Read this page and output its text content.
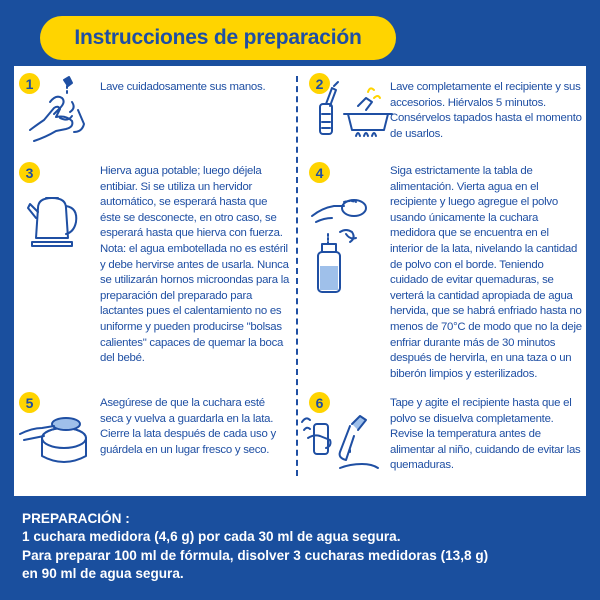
Instrucciones de preparación
1	Lave cuidadosamente sus manos.	2	Lave completamente el recipiente y sus accesorios. Hiérvalos 5 minutos. Consérvelos tapados hasta el momento de usarlos.
3	Hierva agua potable; luego déjela entibiar. Si se utiliza un hervidor automático, se esperará hasta que éste se desconecte, en otro caso, se esperará hasta que hierva con fuerza. Nota: el agua embotellada no es estéril y debe hervirse antes de usarla. Nunca se utilizarán hornos microondas para la preparación del preparado para lactantes pues el calentamiento no es uniforme y pueden producirse "bolsas calientes" capaces de quemar la boca del bebé.
4	Siga estrictamente la tabla de alimentación. Vierta agua en el recipiente y luego agregue el polvo usando únicamente la cuchara medidora que se encuentra en el interior de la lata, nivelando la cantidad de polvo con el borde. Teniendo cuidado de evitar quemaduras, se verterá la cantidad apropiada de agua hervida, que se habrá enfriado hasta no menos de 70°C de modo que no la deje enfriar durante más de 30 minutos después de hervirla, en una taza o un biberón limpios y esterilizados.
5	Asegúrese de que la cuchara esté seca y vuelva a guardarla en la lata. Cierre la lata después de cada uso y guárdela en un lugar fresco y seco.
6	Tape y agite el recipiente hasta que el polvo se disuelva completamente. Revise la temperatura antes de alimentar al niño, cuidando de evitar las quemaduras.
PREPARACIÓN :
1 cuchara medidora (4,6 g) por cada 30 ml de agua segura.
Para preparar 100 ml de fórmula, disolver 3 cucharas medidoras (13,8 g)
en 90 ml de agua segura.
